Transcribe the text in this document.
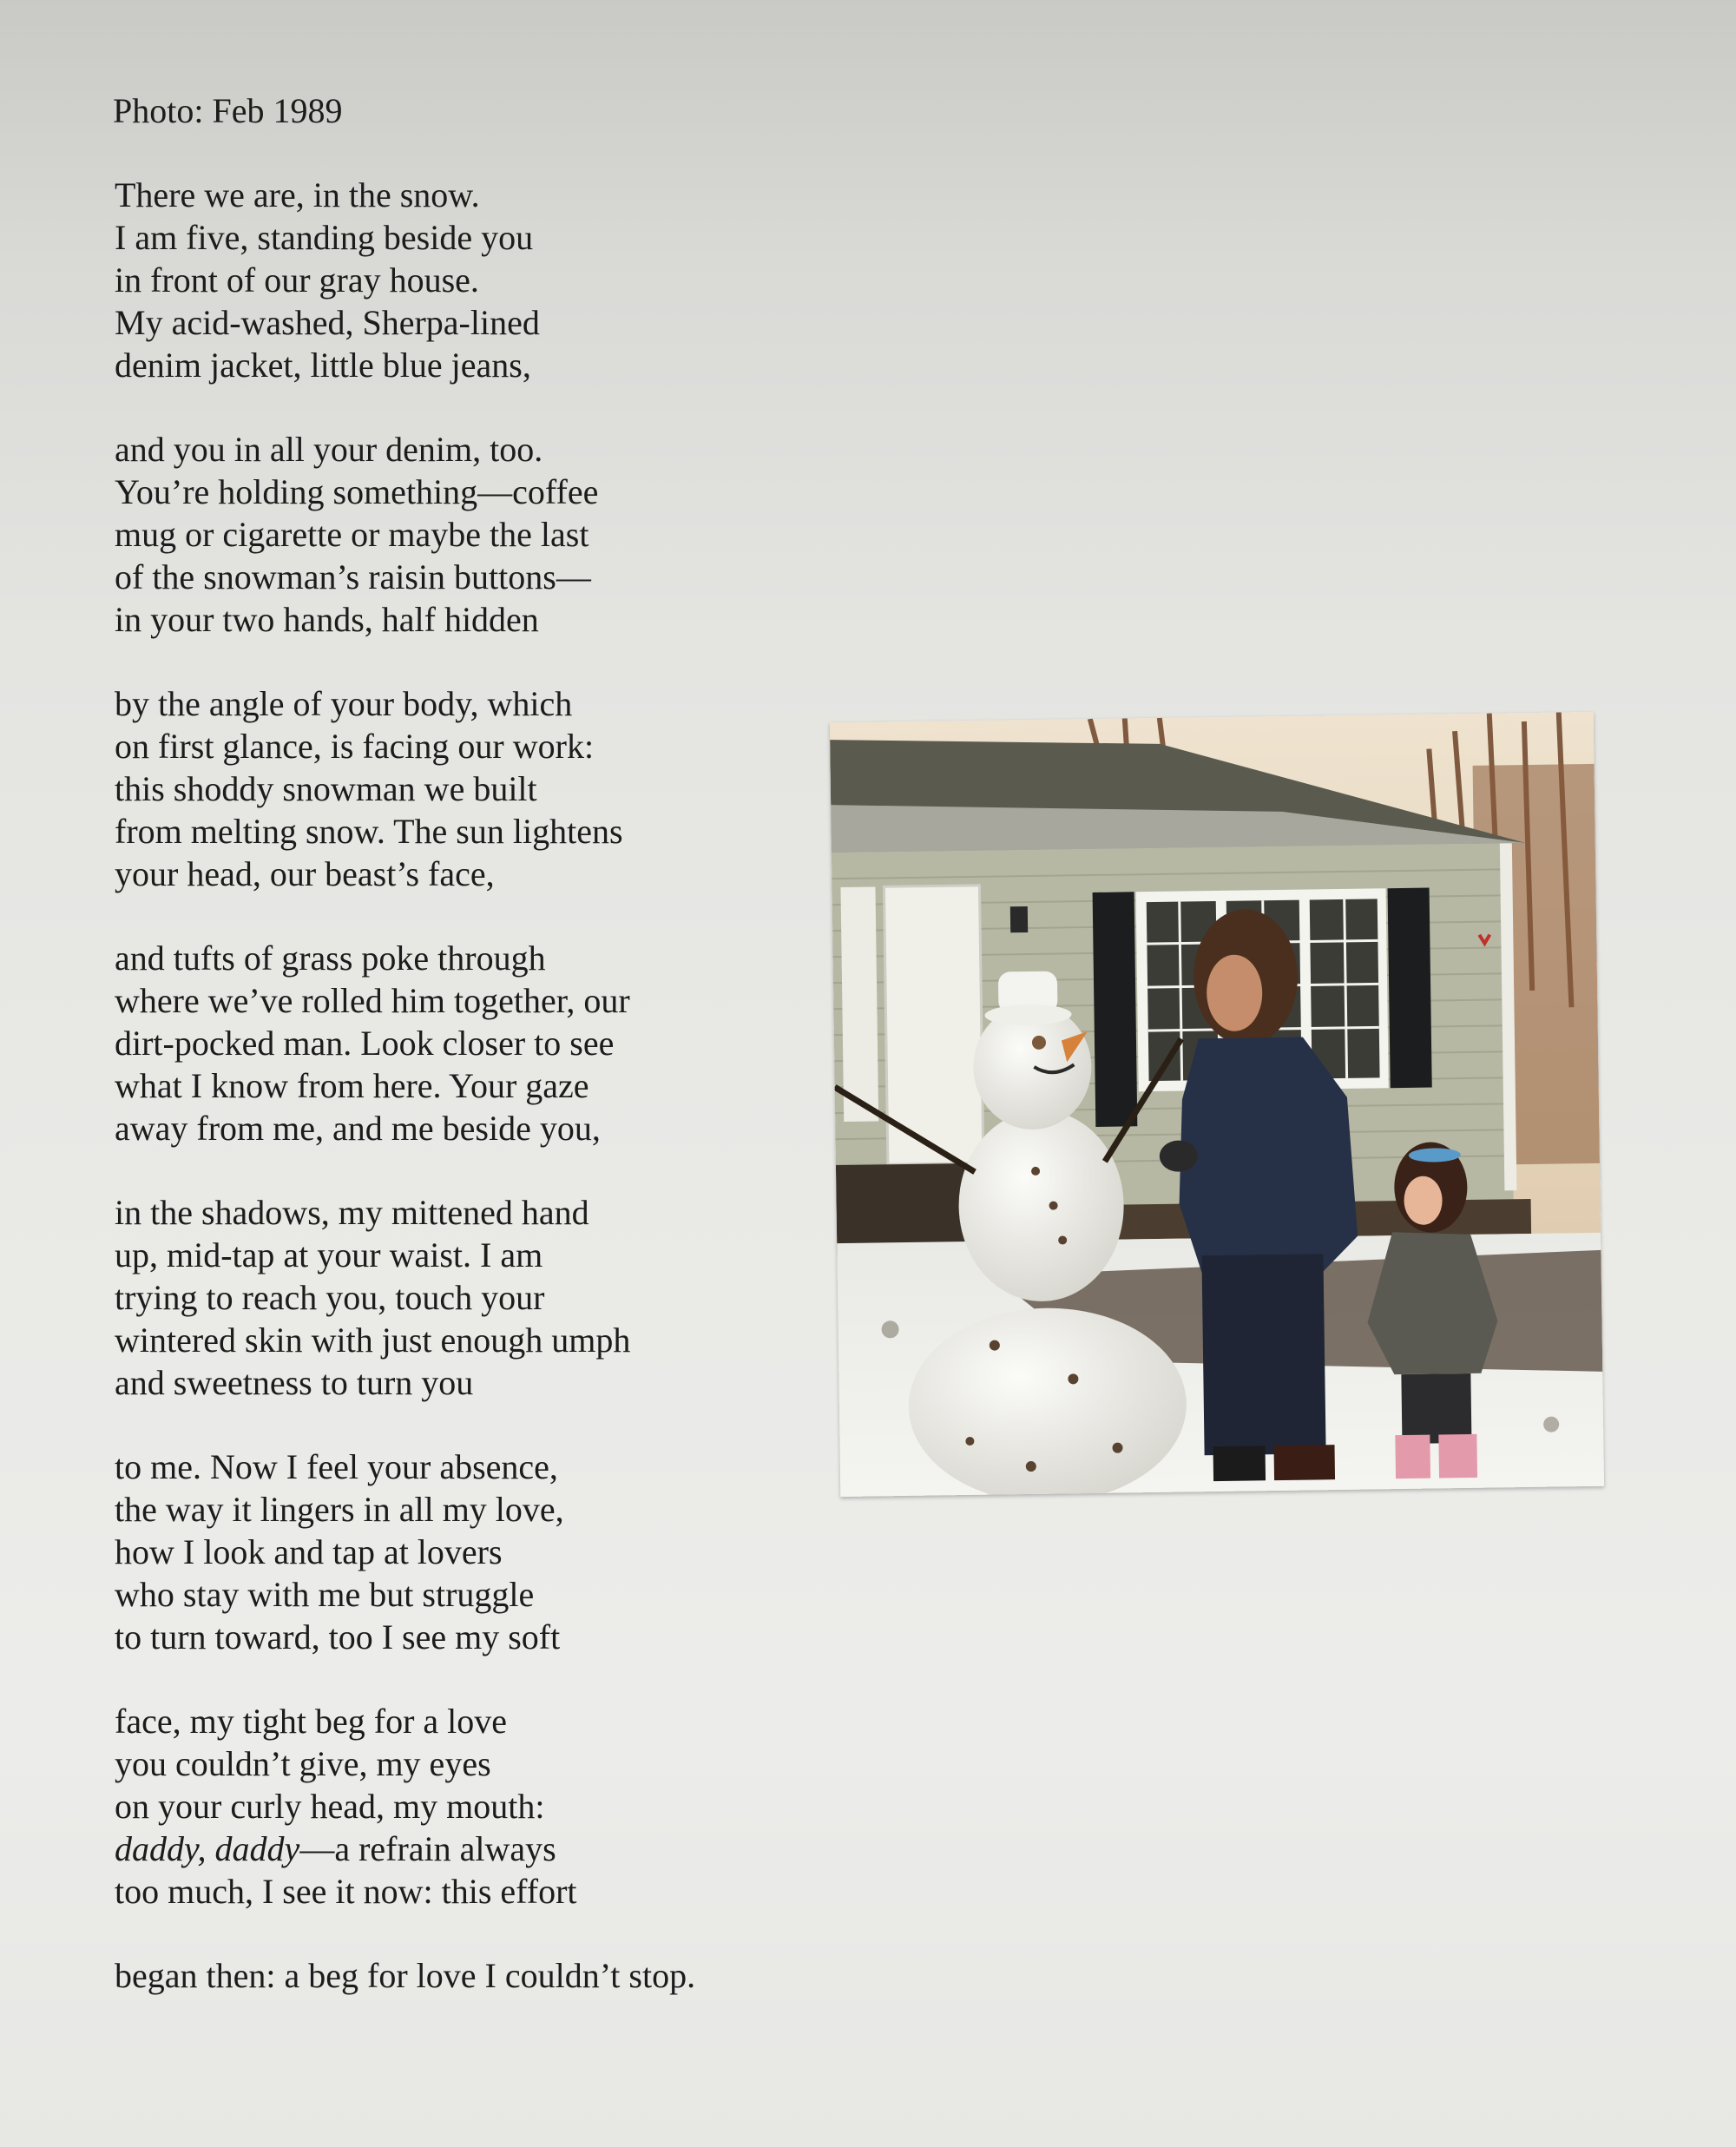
Photo: Feb 1989
There we are, in the snow.
I am five, standing beside you
in front of our gray house.
My acid-washed, Sherpa-lined
denim jacket, little blue jeans,
and you in all your denim, too.
You’re holding something—coffee
mug or cigarette or maybe the last
of the snowman’s raisin buttons—
in your two hands, half hidden
by the angle of your body, which
on first glance, is facing our work:
this shoddy snowman we built
from melting snow. The sun lightens
your head, our beast’s face,
and tufts of grass poke through
where we’ve rolled him together, our
dirt-pocked man. Look closer to see
what I know from here. Your gaze
away from me, and me beside you,
in the shadows, my mittened hand
up, mid-tap at your waist. I am
trying to reach you, touch your
wintered skin with just enough umph
and sweetness to turn you
to me. Now I feel your absence,
the way it lingers in all my love,
how I look and tap at lovers
who stay with me but struggle
to turn toward, too I see my soft
face, my tight beg for a love
you couldn’t give, my eyes
on your curly head, my mouth:
daddy, daddy—a refrain always
too much, I see it now: this effort
began then: a beg for love I couldn’t stop.
